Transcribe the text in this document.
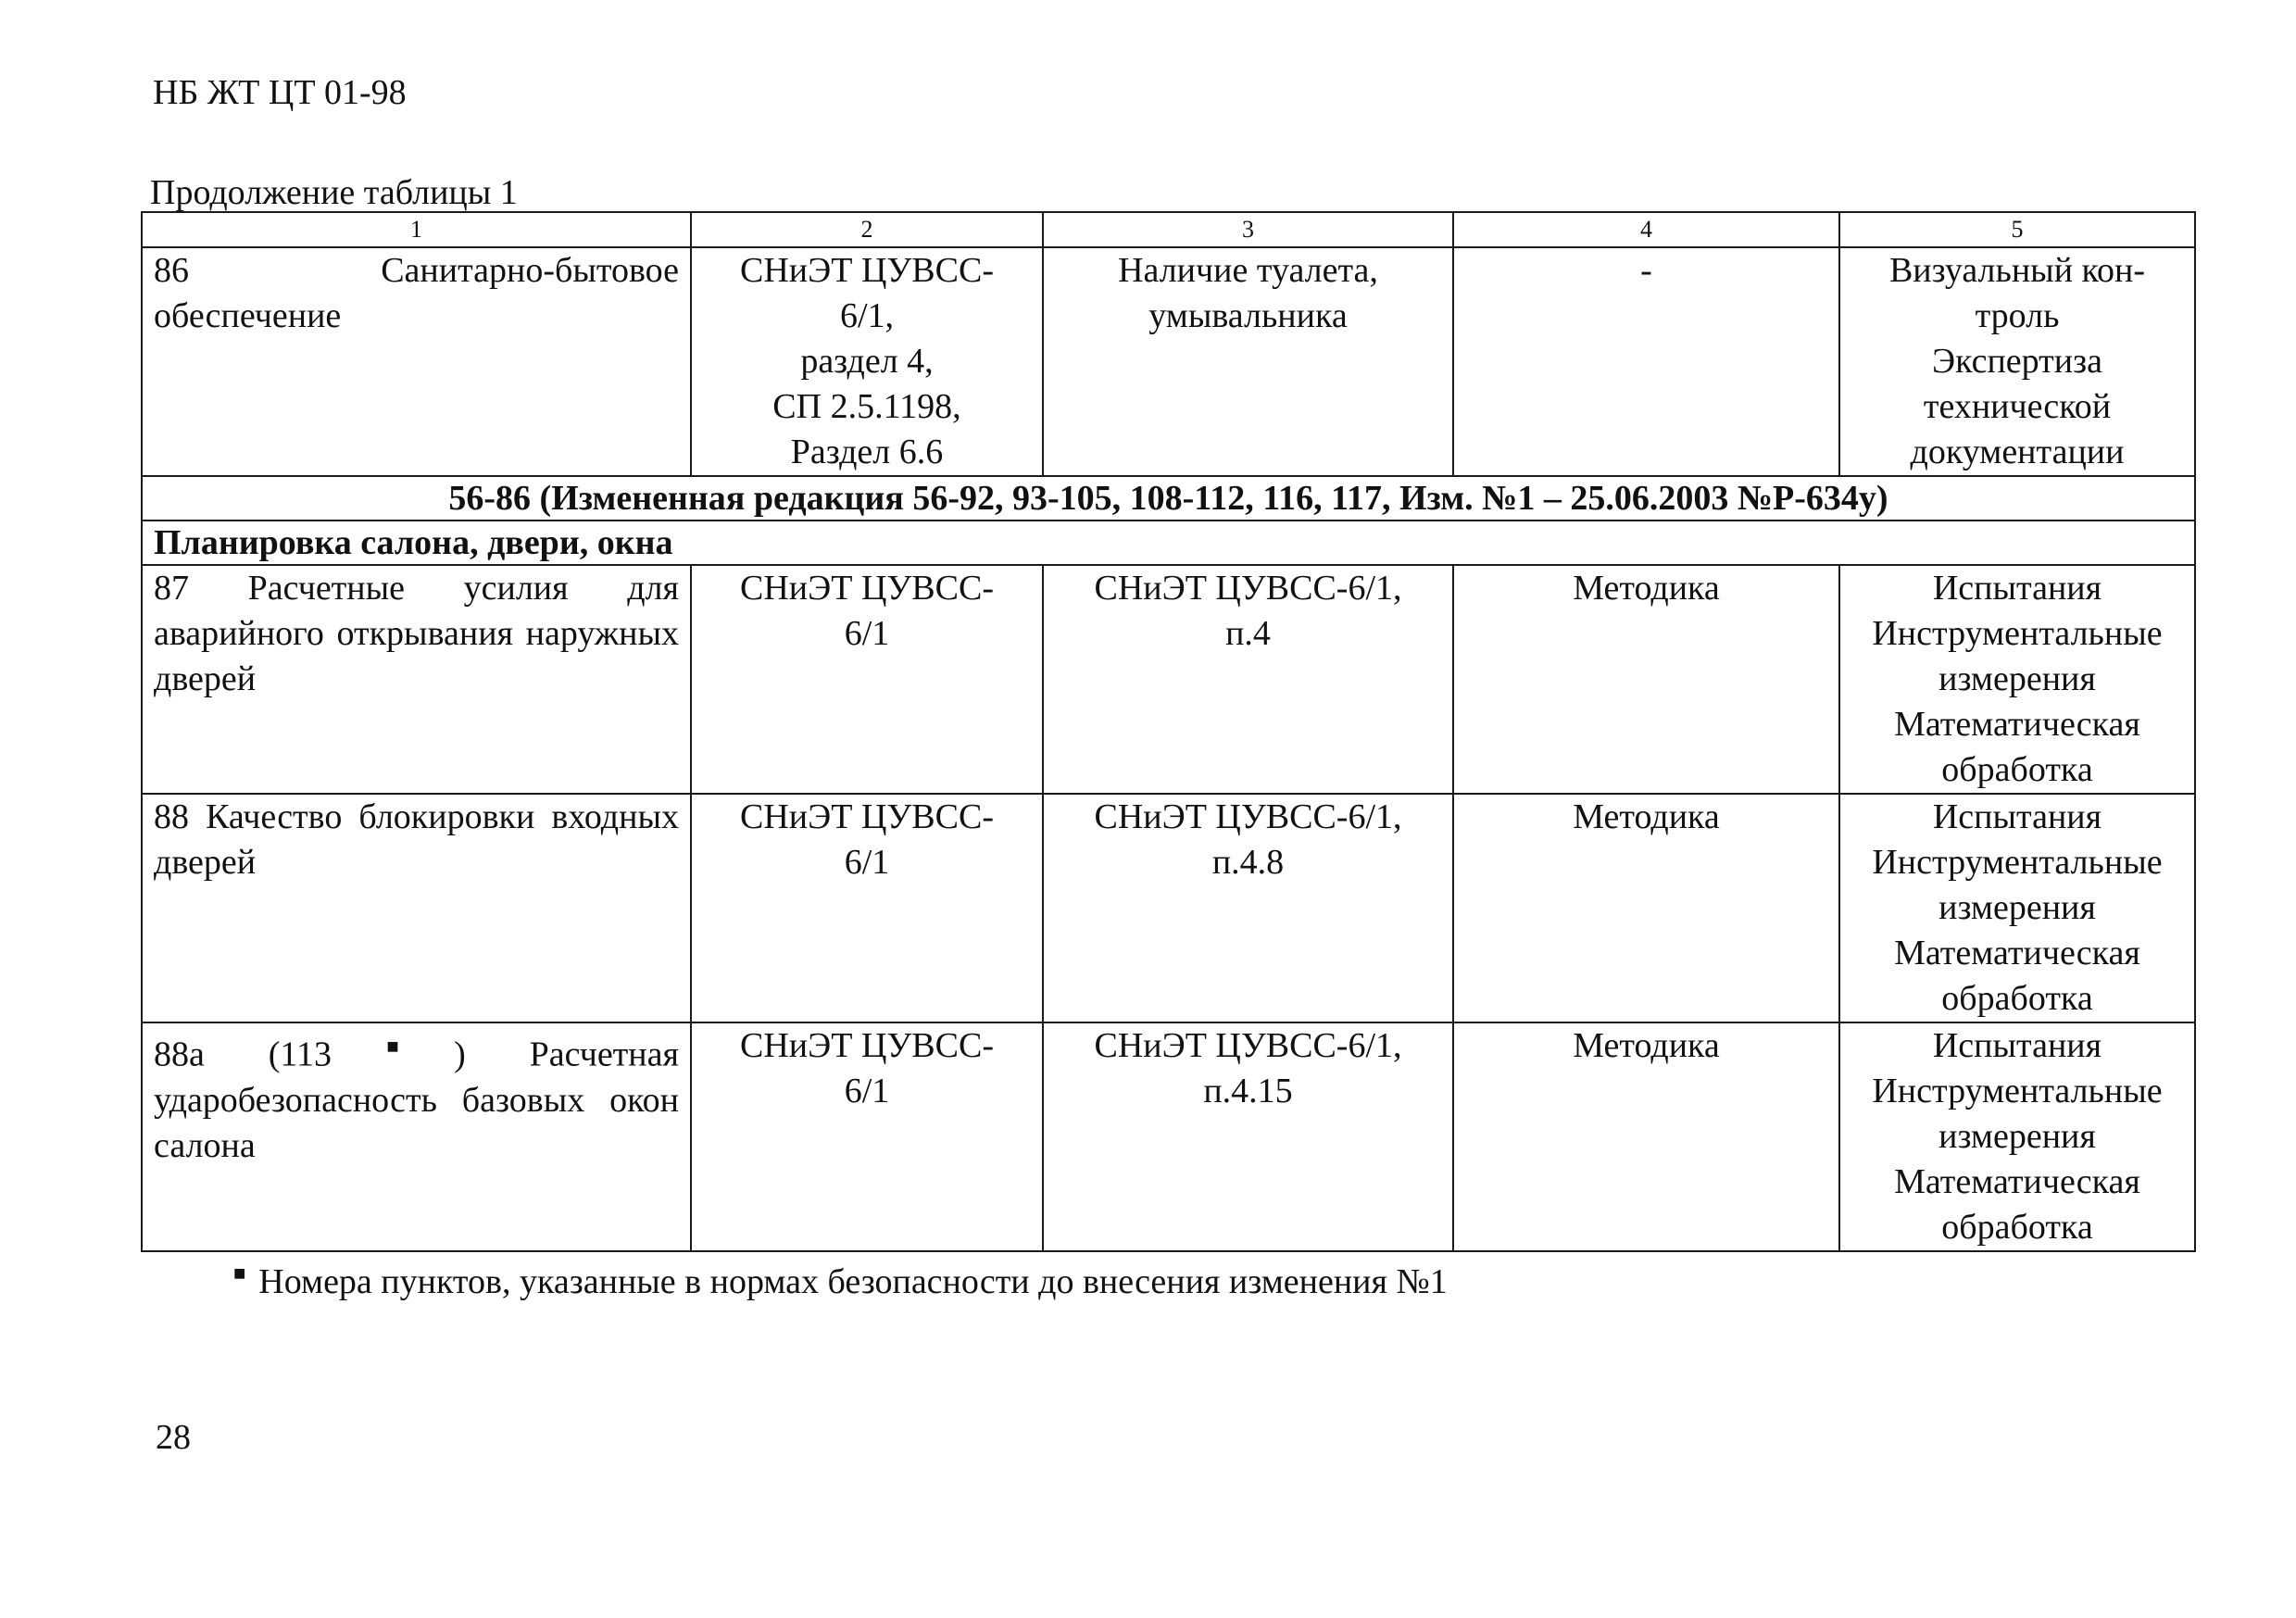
НБ ЖТ ЦТ 01-98
Продолжение таблицы 1
1	2	3	4	5
86 Санитарно-бытовое обеспечение	СНиЭТ ЦУВСС-
6/1,
раздел 4,
СП 2.5.1198,
Раздел 6.6	Наличие туалета, умывальника	-	Визуальный кон-
троль
Экспертиза
технической
документации

56-86 (Измененная редакция 56-92, 93-105, 108-112, 116, 117, Изм. №1 – 25.06.2003 №Р-634у)				
Планировка салона, двери, окна				
87 Расчетные усилия для аварийного открывания наружных дверей	СНиЭТ ЦУВСС-
6/1	СНиЭТ ЦУВСС-6/1,
п.4	Методика	Испытания
Инструментальные
измерения
Математическая
обработка

88 Качество блокировки входных дверей	СНиЭТ ЦУВСС-
6/1	СНиЭТ ЦУВСС-6/1,
п.4.8	Методика	Испытания
Инструментальные
измерения
Математическая
обработка

88а (113■) Расчетная ударобезопасность базовых окон салона	СНиЭТ ЦУВСС-
6/1	СНиЭТ ЦУВСС-6/1,
п.4.15	Методика	Испытания
Инструментальные
измерения
Математическая
обработка
■ Номера пунктов, указанные в нормах безопасности до внесения изменения №1
28
